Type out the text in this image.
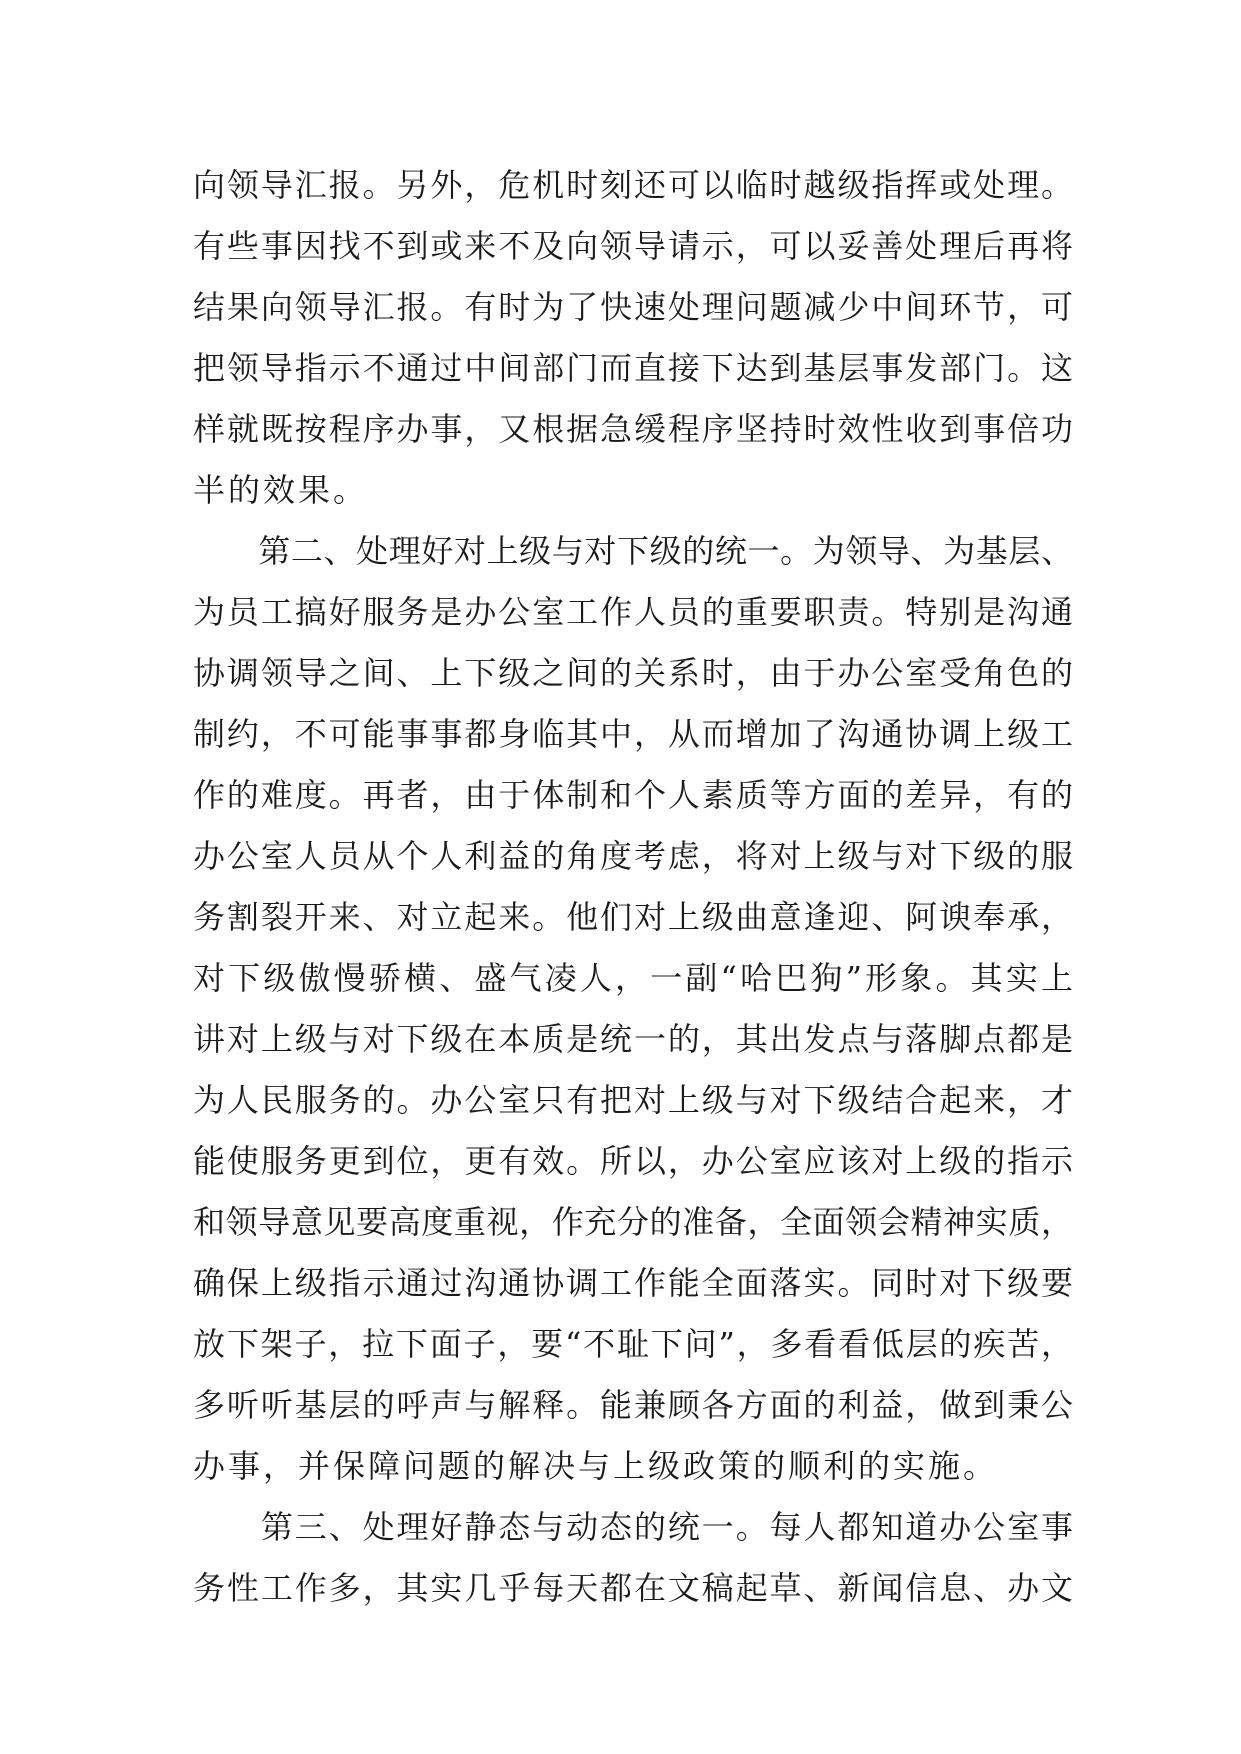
向领导汇报。另外，危机时刻还可以临时越级指挥或处理。
有些事因找不到或来不及向领导请示，可以妥善处理后再将
结果向领导汇报。有时为了快速处理问题减少中间环节，可
把领导指示不通过中间部门而直接下达到基层事发部门。这
样就既按程序办事，又根据急缓程序坚持时效性收到事倍功
半的效果。
　　第二、处理好对上级与对下级的统一。为领导、为基层、
为员工搞好服务是办公室工作人员的重要职责。特别是沟通
协调领导之间、上下级之间的关系时，由于办公室受角色的
制约，不可能事事都身临其中，从而增加了沟通协调上级工
作的难度。再者，由于体制和个人素质等方面的差异，有的
办公室人员从个人利益的角度考虑，将对上级与对下级的服
务割裂开来、对立起来。他们对上级曲意逢迎、阿谀奉承，
对下级傲慢骄横、盛气凌人，一副“哈巴狗”形象。其实上
讲对上级与对下级在本质是统一的，其出发点与落脚点都是
为人民服务的。办公室只有把对上级与对下级结合起来，才
能使服务更到位，更有效。所以，办公室应该对上级的指示
和领导意见要高度重视，作充分的准备，全面领会精神实质，
确保上级指示通过沟通协调工作能全面落实。同时对下级要
放下架子，拉下面子，要“不耻下问”，多看看低层的疾苦，
多听听基层的呼声与解释。能兼顾各方面的利益，做到秉公
办事，并保障问题的解决与上级政策的顺利的实施。
　　第三、处理好静态与动态的统一。每人都知道办公室事
务性工作多，其实几乎每天都在文稿起草、新闻信息、办文
